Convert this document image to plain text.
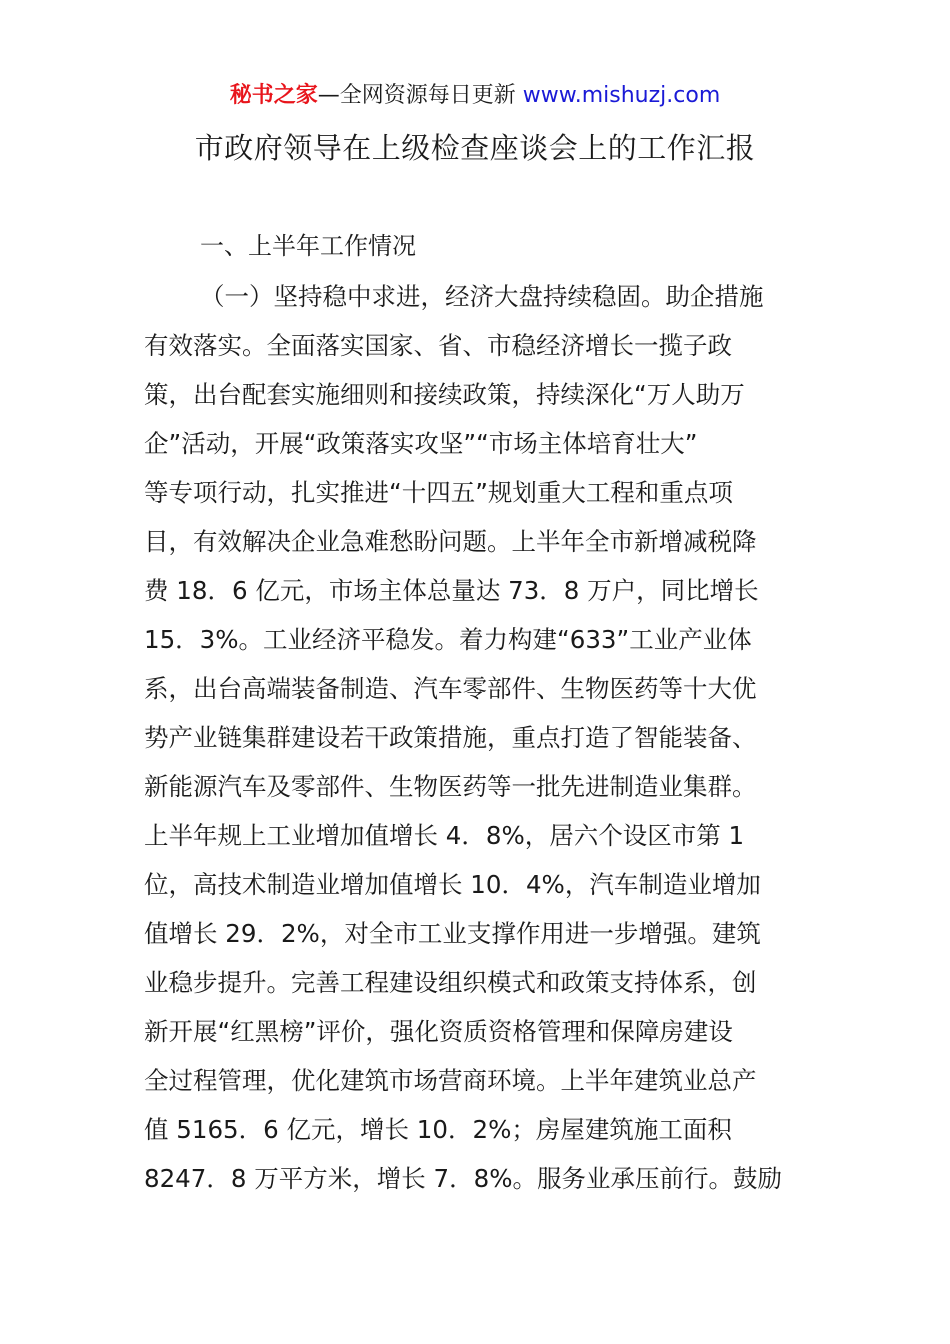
秘书之家—全网资源每日更新 www.mishuzj.com
市政府领导在上级检查座谈会上的工作汇报
一、上半年工作情况
（一）坚持稳中求进，经济大盘持续稳固。助企措施
有效落实。全面落实国家、省、市稳经济增长一揽子政
策，出台配套实施细则和接续政策，持续深化“万人助万
企”活动，开展“政策落实攻坚”“市场主体培育壮大”
等专项行动，扎实推进“十四五”规划重大工程和重点项
目，有效解决企业急难愁盼问题。上半年全市新增减税降
费 18．6 亿元，市场主体总量达 73．8 万户，同比增长
15．3%。工业经济平稳发。着力构建“633”工业产业体
系，出台高端装备制造、汽车零部件、生物医药等十大优
势产业链集群建设若干政策措施，重点打造了智能装备、
新能源汽车及零部件、生物医药等一批先进制造业集群。
上半年规上工业增加值增长 4．8%，居六个设区市第 1
位，高技术制造业增加值增长 10．4%，汽车制造业增加
值增长 29．2%，对全市工业支撑作用进一步增强。建筑
业稳步提升。完善工程建设组织模式和政策支持体系，创
新开展“红黑榜”评价，强化资质资格管理和保障房建设
全过程管理，优化建筑市场营商环境。上半年建筑业总产
值 5165．6 亿元，增长 10．2%；房屋建筑施工面积
8247．8 万平方米，增长 7．8%。服务业承压前行。鼓励
